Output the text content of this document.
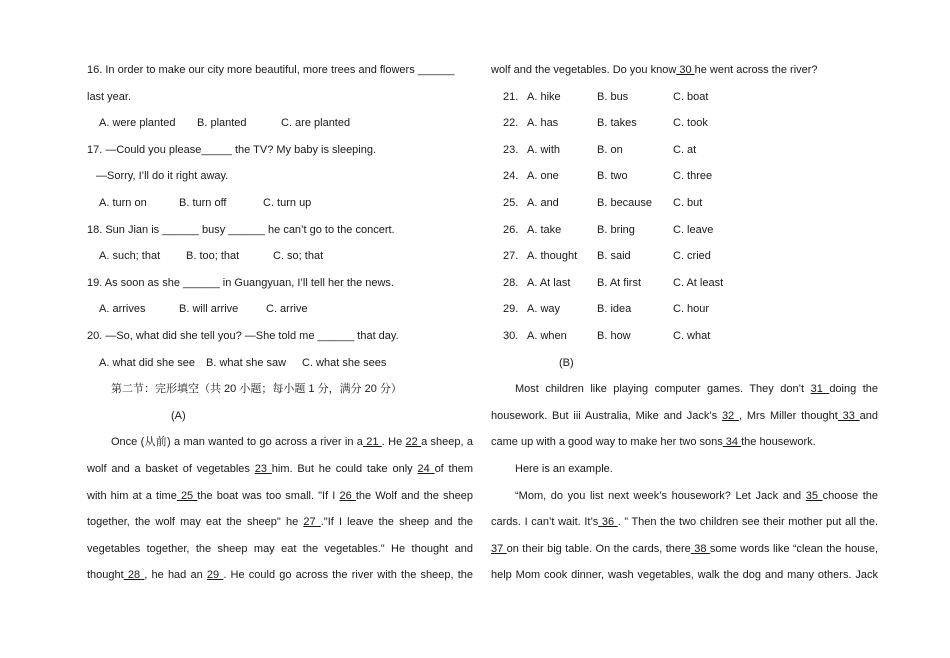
16. In order to make our city more beautiful, more trees and flowers ______
last year.
A. were planted B. planted	C. are planted
17. —Could you please_____ the TV? My baby is sleeping.
—Sorry, I’ll do it right away.
A. turn on	B. turn off	C. turn up
18. Sun Jian is ______ busy ______ he can’t go to the concert.
A. such; that B. too; that	C. so; that
19. As soon as she ______ in Guangyuan, I’ll tell her the news.
A. arrives	B. will arrive	C. arrive
20. —So, what did she tell you? —She told me ______ that day.
A. what did she see B. what she saw C. what she sees
第二节：完形填空（共 20 小题；每小题 1 分，满分 20 分）
(A)
Once (从前) a man wanted to go across a river in a 21 . He 22 a sheep, a
wolf and a basket of vegetables 23 him. But he could take only 24 of them
with him at a time 25 the boat was too small. "If I 26 the Wolf and the sheep
together, the wolf may eat the sheep" he 27 ."If I leave the sheep and the
vegetables together, the sheep may eat the vegetables." He thought and
thought 28 , he had an 29 . He could go across the river with the sheep, the
wolf and the vegetables. Do you know 30 he went across the river?
21. A. hike	B. bus	C. boat
22. A. has	B. takes	C. took
23. A. with	B. on	C. at
24. A. one	B. two	C. three
25. A. and	B. because C. but
26. A. take	B. bring	C. leave
27. A. thought B. said	C. cried
28. A. At last B. At first	C. At least
29. A. way	B. idea	C. hour
30. A. when	B. how	C. what
(B)
Most children like playing computer games. They don’t 31 doing the
housework. But iii Australia, Mike and Jack’s 32 , Mrs Miller thought 33 and
came up with a good way to make her two sons 34 the housework.
Here is an example.
“Mom, do you list next week’s housework? Let Jack and 35 choose the
cards. I can’t wait. It’s 36 . ” Then the two children see their mother put all the.
37 on their big table. On the cards, there 38 some words like “clean the house,
help Mom cook dinner, wash vegetables, walk the dog and many others. Jack
